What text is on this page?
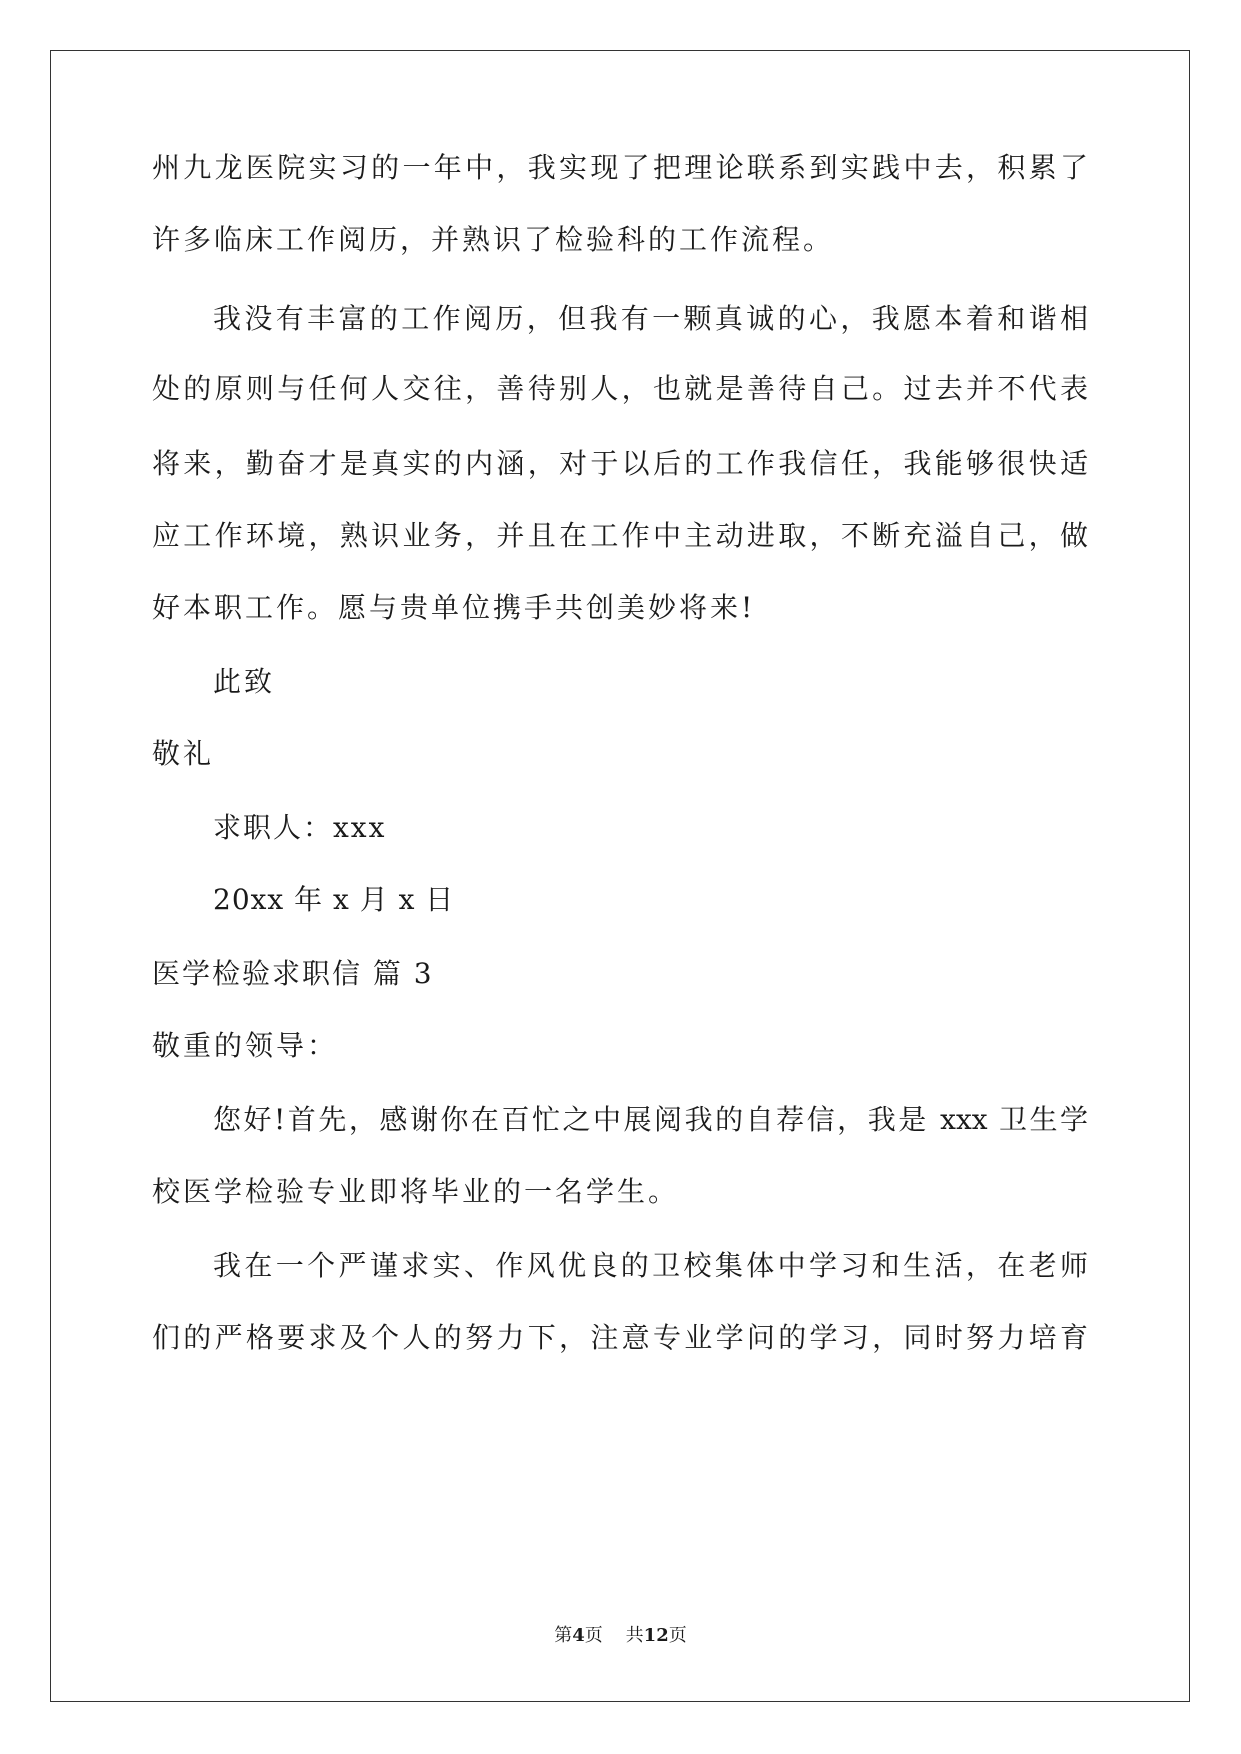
州九龙医院实习的一年中，我实现了把理论联系到实践中去，积累了
许多临床工作阅历，并熟识了检验科的工作流程。
我没有丰富的工作阅历，但我有一颗真诚的心，我愿本着和谐相
处的原则与任何人交往，善待别人，也就是善待自己。过去并不代表
将来，勤奋才是真实的内涵，对于以后的工作我信任，我能够很快适
应工作环境，熟识业务，并且在工作中主动进取，不断充溢自己，做
好本职工作。愿与贵单位携手共创美妙将来!
此致
敬礼
求职人：xxx
20xx 年 x 月 x 日
医学检验求职信 篇 3
敬重的领导：
您好!首先，感谢你在百忙之中展阅我的自荐信，我是 xxx 卫生学
校医学检验专业即将毕业的一名学生。
我在一个严谨求实、作风优良的卫校集体中学习和生活，在老师
们的严格要求及个人的努力下，注意专业学问的学习，同时努力培育
第4页 共12页
